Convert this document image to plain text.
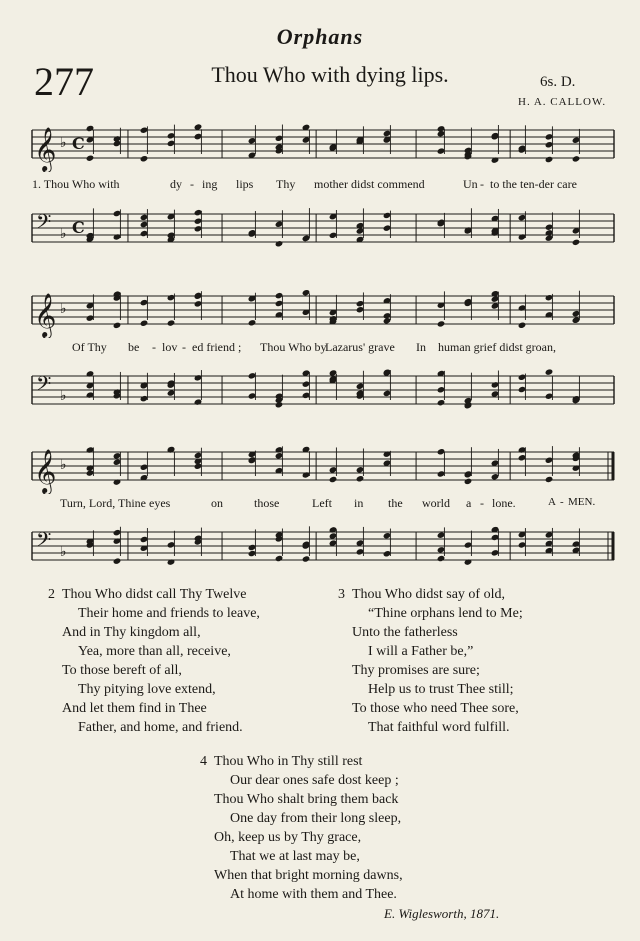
Orphans
277	Thou Who with dying lips.	6s. D.
H. A. CALLOW.
𝄞 ♭ C
1. Thou Who with	dy - ing lips Thy mother didst commend	Un - to the ten-der care
𝄢 ♭ C
𝄞 ♭
Of Thy be - lov - ed friend ; Thou Who by
Lazarus' grave In human grief didst groan,
𝄢 ♭
𝄞 ♭
Turn, Lord, Thine eyes	on	those	Left in the world a - lone.	A - MEN.
𝄢 ♭
2 Thou Who didst call Thy Twelve
Their home and friends to leave,
And in Thy kingdom all,
Yea, more than all, receive,
To those bereft of all,
Thy pitying love extend,
And let them find in Thee
Father, and home, and friend.
3 Thou Who didst say of old,
“Thine orphans lend to Me;
Unto the fatherless
I will a Father be,”
Thy promises are sure;
Help us to trust Thee still;
To those who need Thee sore,
That faithful word fulfill.
4 Thou Who in Thy still rest
Our dear ones safe dost keep ;
Thou Who shalt bring them back
One day from their long sleep,
Oh, keep us by Thy grace,
That we at last may be,
When that bright morning dawns,
At home with them and Thee.
E. Wiglesworth, 1871.
